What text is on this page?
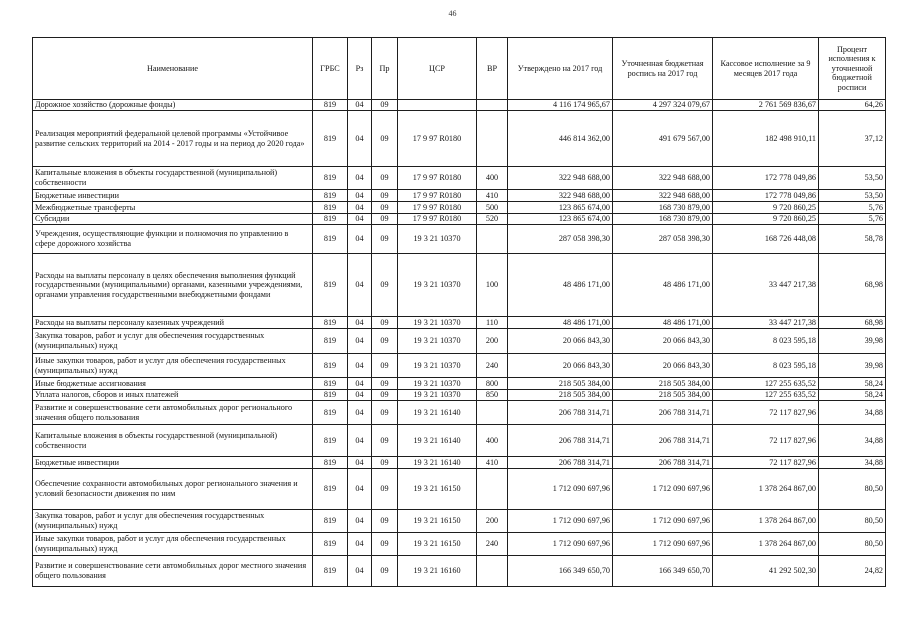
46
Наименование	ГРБС	Рз	Пр	ЦСР	ВР	Утверждено на 2017 год	Уточненная бюджетная роспись на 2017 год	Кассовое исполнение за 9 месяцев 2017 года	Процент исполнения к уточненной бюджетной росписи
Дорожное хозяйство (дорожные фонды)	819	04	09			4 116 174 965,67	4 297 324 079,67	2 761 569 836,67	64,26
Реализация мероприятий федеральной целевой программы «Устойчивое развитие сельских территорий на 2014 - 2017 годы и на период до 2020 года»	819	04	09	17 9 97 R0180		446 814 362,00	491 679 567,00	182 498 910,11	37,12
Капитальные вложения в объекты государственной (муниципальной) собственности	819	04	09	17 9 97 R0180	400	322 948 688,00	322 948 688,00	172 778 049,86	53,50
Бюджетные инвестиции	819	04	09	17 9 97 R0180	410	322 948 688,00	322 948 688,00	172 778 049,86	53,50
Межбюджетные трансферты	819	04	09	17 9 97 R0180	500	123 865 674,00	168 730 879,00	9 720 860,25	5,76
Субсидии	819	04	09	17 9 97 R0180	520	123 865 674,00	168 730 879,00	9 720 860,25	5,76
Учреждения, осуществляющие функции и полномочия по управлению в сфере дорожного хозяйства	819	04	09	19 3 21 10370		287 058 398,30	287 058 398,30	168 726 448,08	58,78
Расходы на выплаты персоналу в целях обеспечения выполнения функций государственными (муниципальными) органами, казенными учреждениями, органами управления государственными внебюджетными фондами	819	04	09	19 3 21 10370	100	48 486 171,00	48 486 171,00	33 447 217,38	68,98
Расходы на выплаты персоналу казенных учреждений	819	04	09	19 3 21 10370	110	48 486 171,00	48 486 171,00	33 447 217,38	68,98
Закупка товаров, работ и услуг для обеспечения государственных (муниципальных) нужд	819	04	09	19 3 21 10370	200	20 066 843,30	20 066 843,30	8 023 595,18	39,98
Иные закупки товаров, работ и услуг для обеспечения государственных (муниципальных) нужд	819	04	09	19 3 21 10370	240	20 066 843,30	20 066 843,30	8 023 595,18	39,98
Иные бюджетные ассигнования	819	04	09	19 3 21 10370	800	218 505 384,00	218 505 384,00	127 255 635,52	58,24
Уплата налогов, сборов и иных платежей	819	04	09	19 3 21 10370	850	218 505 384,00	218 505 384,00	127 255 635,52	58,24
Развитие и совершенствование сети автомобильных дорог регионального значения общего пользования	819	04	09	19 3 21 16140		206 788 314,71	206 788 314,71	72 117 827,96	34,88
Капитальные вложения в объекты государственной (муниципальной) собственности	819	04	09	19 3 21 16140	400	206 788 314,71	206 788 314,71	72 117 827,96	34,88
Бюджетные инвестиции	819	04	09	19 3 21 16140	410	206 788 314,71	206 788 314,71	72 117 827,96	34,88
Обеспечение сохранности автомобильных дорог регионального значения и условий безопасности движения по ним	819	04	09	19 3 21 16150		1 712 090 697,96	1 712 090 697,96	1 378 264 867,00	80,50
Закупка товаров, работ и услуг для обеспечения государственных (муниципальных) нужд	819	04	09	19 3 21 16150	200	1 712 090 697,96	1 712 090 697,96	1 378 264 867,00	80,50
Иные закупки товаров, работ и услуг для обеспечения государственных (муниципальных) нужд	819	04	09	19 3 21 16150	240	1 712 090 697,96	1 712 090 697,96	1 378 264 867,00	80,50
Развитие и совершенствование сети автомобильных дорог местного значения общего пользования	819	04	09	19 3 21 16160		166 349 650,70	166 349 650,70	41 292 502,30	24,82
